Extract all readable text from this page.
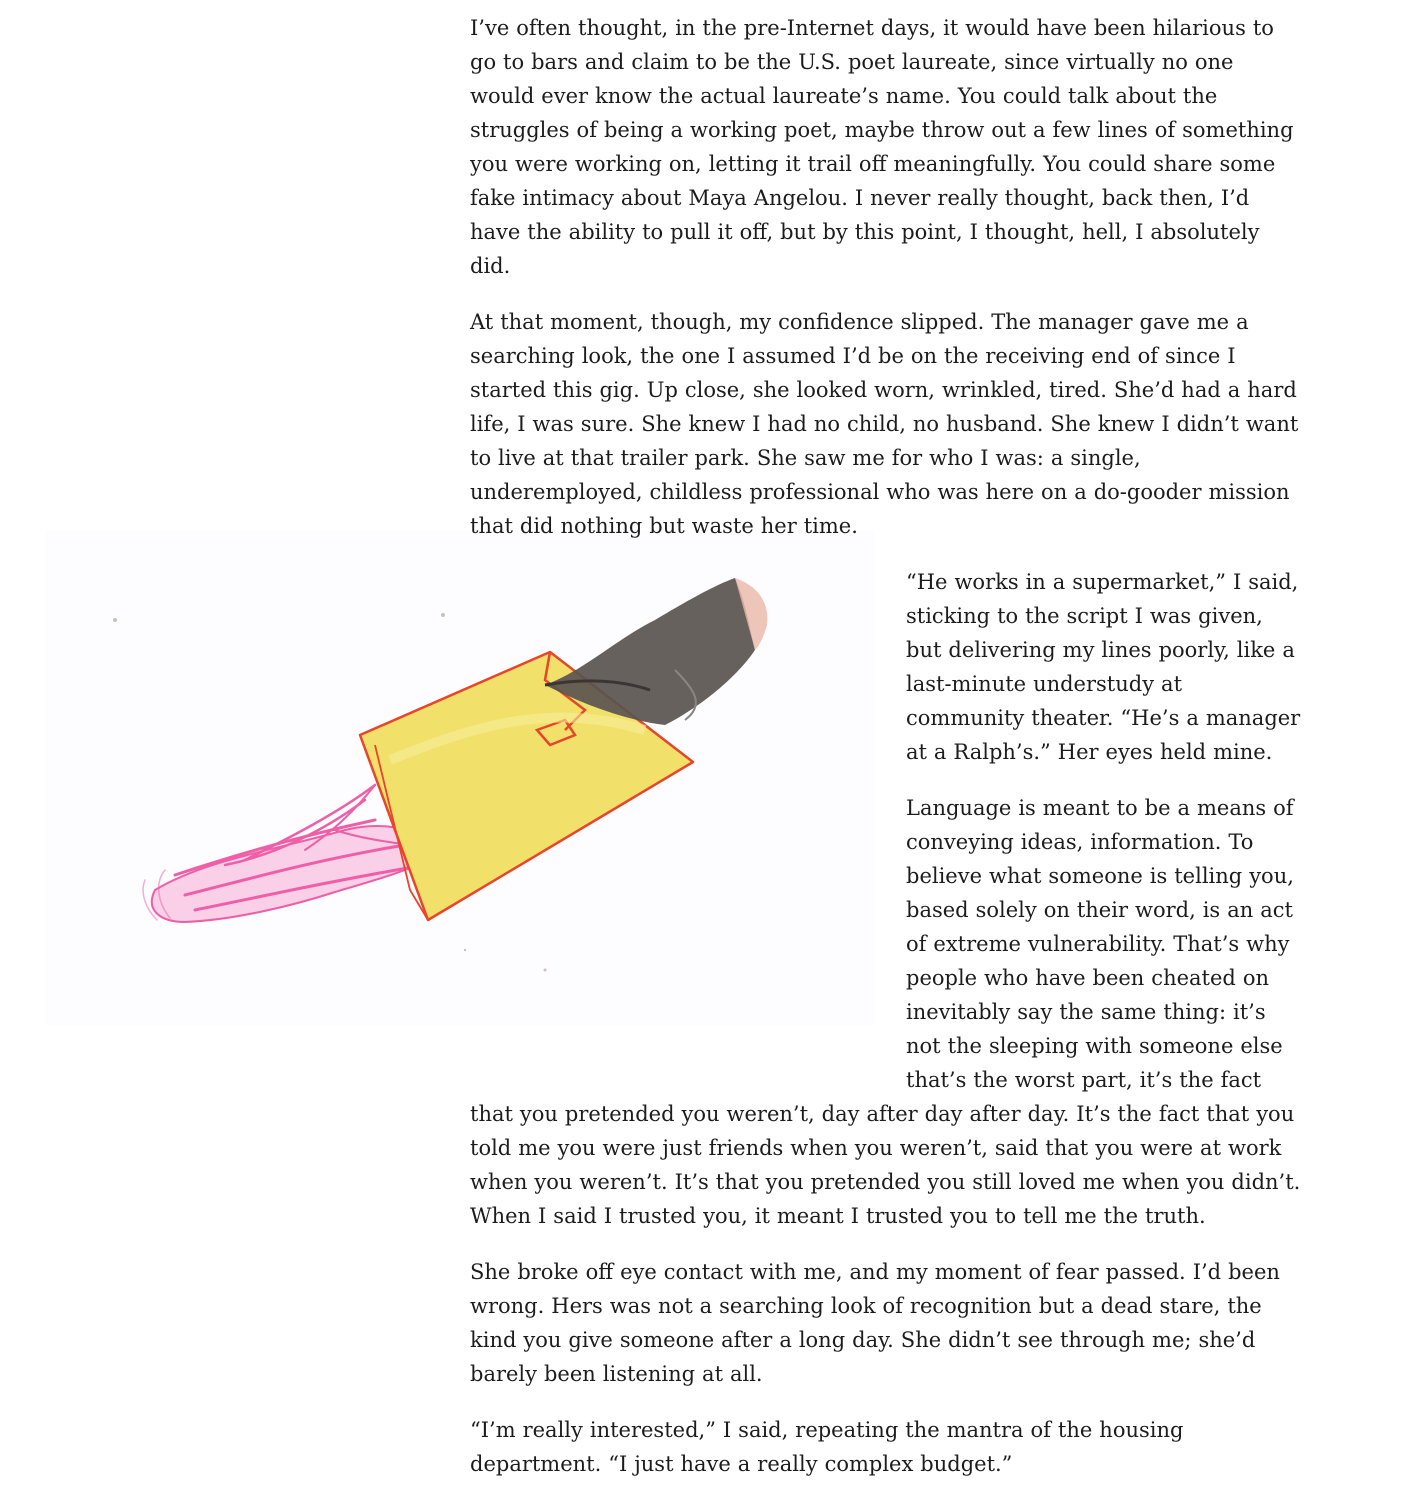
I’ve often thought, in the pre-Internet days, it would have been hilarious to go to bars and claim to be the U.S. poet laureate, since virtually no one would ever know the actual laureate’s name. You could talk about the struggles of being a working poet, maybe throw out a few lines of something you were working on, letting it trail off meaningfully. You could share some fake intimacy about Maya Angelou. I never really thought, back then, I’d have the ability to pull it off, but by this point, I thought, hell, I absolutely did.

At that moment, though, my confidence slipped. The manager gave me a searching look, the one I assumed I’d be on the receiving end of since I started this gig. Up close, she looked worn, wrinkled, tired. She’d had a hard life, I was sure. She knew I had no child, no husband. She knew I didn’t want to live at that trailer park. She saw me for who I was: a single, underemployed, childless professional who was here on a do-gooder mission that did nothing but waste her time.

“He works in a supermarket,” I said, sticking to the script I was given, but delivering my lines poorly, like a last-minute understudy at community theater. “He’s a manager at a Ralph’s.” Her eyes held mine.

Language is meant to be a means of conveying ideas, information. To believe what someone is telling you, based solely on their word, is an act of extreme vulnerability. That’s why people who have been cheated on inevitably say the same thing: it’s not the sleeping with someone else that’s the worst part, it’s the fact that you pretended you weren’t, day after day after day. It’s the fact that you told me you were just friends when you weren’t, said that you were at work when you weren’t. It’s that you pretended you still loved me when you didn’t. When I said I trusted you, it meant I trusted you to tell me the truth.

She broke off eye contact with me, and my moment of fear passed. I’d been wrong. Hers was not a searching look of recognition but a dead stare, the kind you give someone after a long day. She didn’t see through me; she’d barely been listening at all.

“I’m really interested,” I said, repeating the mantra of the housing department. “I just have a really complex budget.”
